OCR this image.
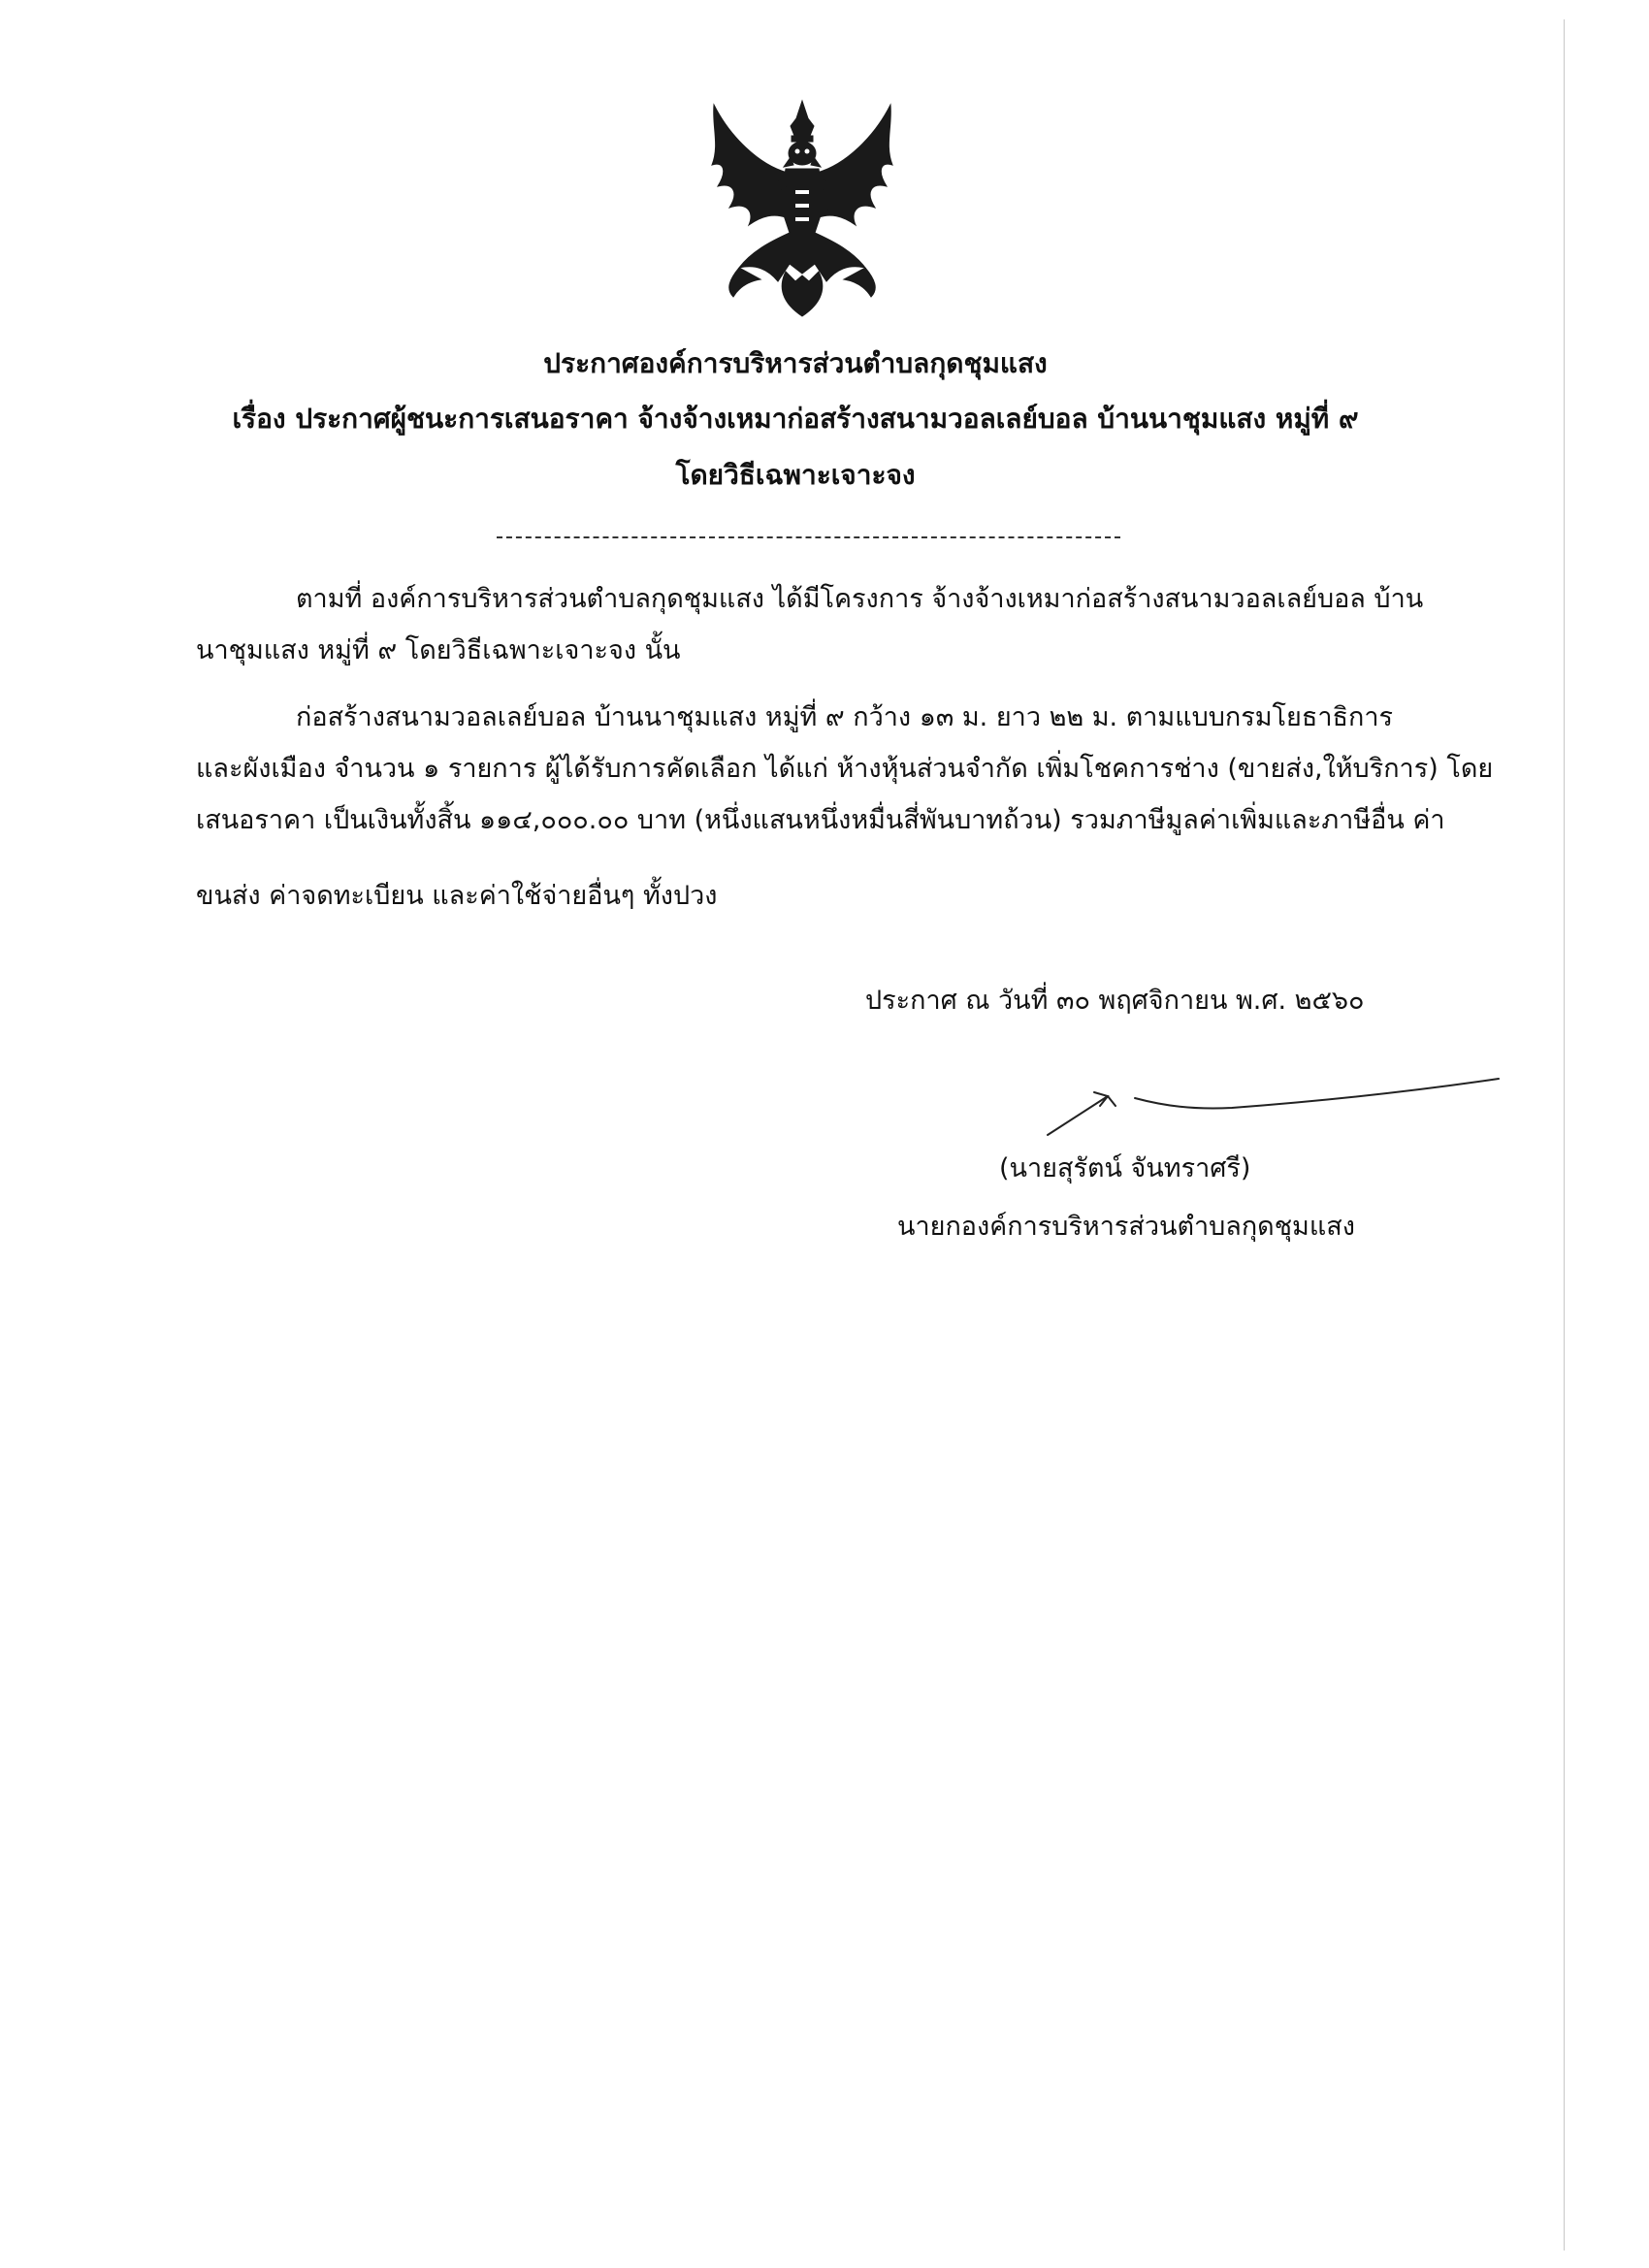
ประกาศองค์การบริหารส่วนตำบลกุดชุมแสง
เรื่อง ประกาศผู้ชนะการเสนอราคา จ้างจ้างเหมาก่อสร้างสนามวอลเลย์บอล บ้านนาชุมแสง หมู่ที่ ๙
โดยวิธีเฉพาะเจาะจง
ตามที่ องค์การบริหารส่วนตำบลกุดชุมแสง ได้มีโครงการ จ้างจ้างเหมาก่อสร้างสนามวอลเลย์บอล บ้าน
นาชุมแสง หมู่ที่ ๙ โดยวิธีเฉพาะเจาะจง นั้น
ก่อสร้างสนามวอลเลย์บอล บ้านนาชุมแสง หมู่ที่ ๙ กว้าง ๑๓ ม. ยาว ๒๒ ม. ตามแบบกรมโยธาธิการ
และผังเมือง จำนวน ๑ รายการ ผู้ได้รับการคัดเลือก ได้แก่ ห้างหุ้นส่วนจำกัด เพิ่มโชคการช่าง (ขายส่ง,ให้บริการ) โดย
เสนอราคา เป็นเงินทั้งสิ้น ๑๑๔,๐๐๐.๐๐ บาท (หนึ่งแสนหนึ่งหมื่นสี่พันบาทถ้วน) รวมภาษีมูลค่าเพิ่มและภาษีอื่น ค่า
ขนส่ง ค่าจดทะเบียน และค่าใช้จ่ายอื่นๆ ทั้งปวง
ประกาศ ณ วันที่ ๓๐ พฤศจิกายน พ.ศ. ๒๕๖๐
(นายสุรัตน์ จันทราศรี)
นายกองค์การบริหารส่วนตำบลกุดชุมแสง
